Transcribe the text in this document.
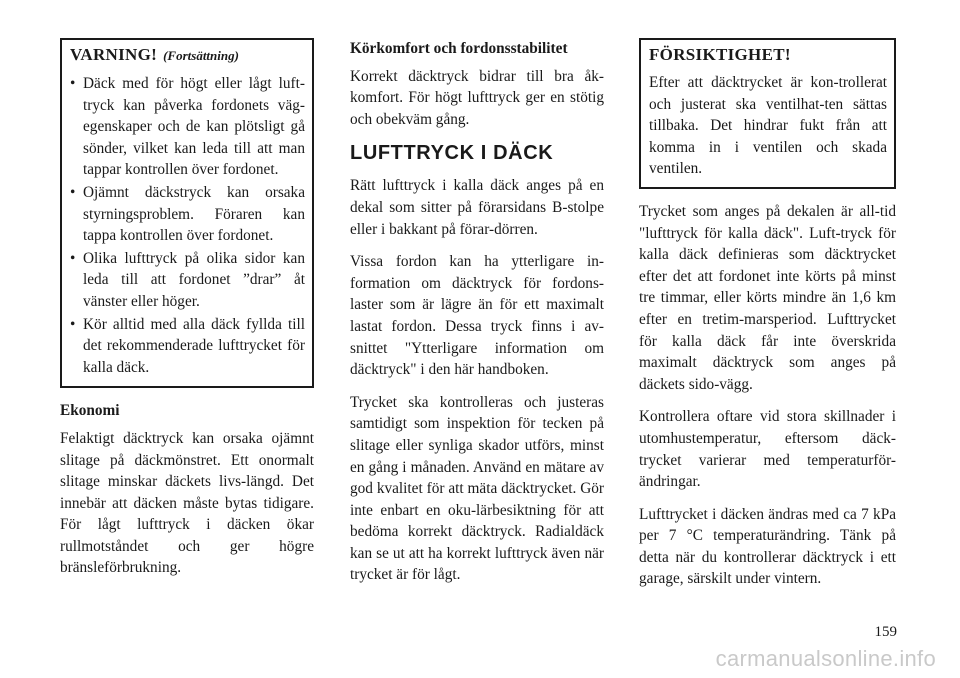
VARNING! (Fortsättning)
• Däck med för högt eller lågt luft-tryck kan påverka fordonets väg-egenskaper och de kan plötsligt gå sönder, vilket kan leda till att man tappar kontrollen över fordonet.
• Ojämnt däckstryck kan orsaka styrningsproblem. Föraren kan tappa kontrollen över fordonet.
• Olika lufttryck på olika sidor kan leda till att fordonet ”drar” åt vänster eller höger.
• Kör alltid med alla däck fyllda till det rekommenderade lufttrycket för kalla däck.
Ekonomi

Felaktigt däcktryck kan orsaka ojämnt slitage på däckmönstret. Ett onormalt slitage minskar däckets livs-längd. Det innebär att däcken måste bytas tidigare. För lågt lufttryck i däcken ökar rullmotståndet och ger högre bränsleförbrukning.

Körkomfort och fordonsstabilitet

Korrekt däcktryck bidrar till bra åk-komfort. För högt lufttryck ger en stötig och obekväm gång.

LUFTTRYCK I DÄCK

Rätt lufttryck i kalla däck anges på en dekal som sitter på förarsidans B-stolpe eller i bakkant på förar-dörren.

Vissa fordon kan ha ytterligare in-formation om däcktryck för fordons-laster som är lägre än för ett maximalt lastat fordon. Dessa tryck finns i av-snittet "Ytterligare information om däcktryck" i den här handboken.

Trycket ska kontrolleras och justeras samtidigt som inspektion för tecken på slitage eller synliga skador utförs, minst en gång i månaden. Använd en mätare av god kvalitet för att mäta däcktrycket. Gör inte enbart en oku-lärbesiktning för att bedöma korrekt däcktryck. Radialdäck kan se ut att ha korrekt lufttryck även när trycket är för lågt.

FÖRSIKTIGHET!

Efter att däcktrycket är kon-trollerat och justerat ska ventilhat-ten sättas tillbaka. Det hindrar fukt från att komma in i ventilen och skada ventilen.

Trycket som anges på dekalen är all-tid "lufttryck för kalla däck". Luft-tryck för kalla däck definieras som däcktrycket efter det att fordonet inte körts på minst tre timmar, eller körts mindre än 1,6 km efter en tretim-marsperiod. Lufttrycket för kalla däck får inte överskrida maximalt däcktryck som anges på däckets sido-vägg.

Kontrollera oftare vid stora skillnader i utomhustemperatur, eftersom däck-trycket varierar med temperaturför-ändringar.

Lufttrycket i däcken ändras med ca 7 kPa per 7 °C temperaturändring. Tänk på detta när du kontrollerar däcktryck i ett garage, särskilt under vintern.

159
carmanualsonline.info
